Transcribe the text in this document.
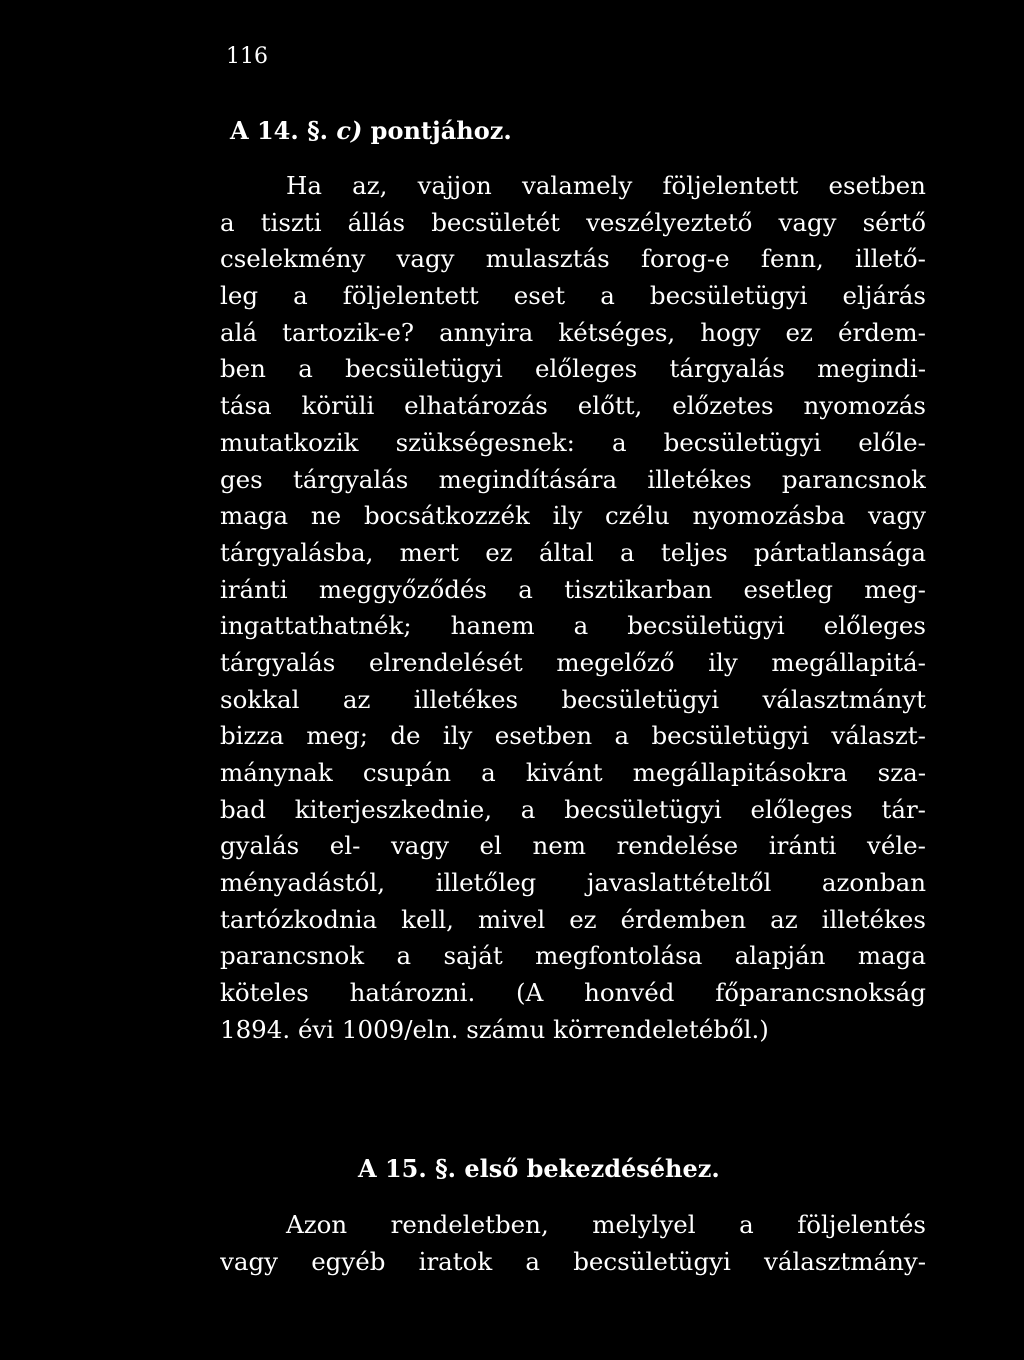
116
A 14. §. c) pontjához.
Ha az, vajjon valamely följelentett esetben
a tiszti állás becsületét veszélyeztető vagy sértő
cselekmény vagy mulasztás forog-e fenn, illető-
leg a följelentett eset a becsületügyi eljárás
alá tartozik-e? annyira kétséges, hogy ez érdem-
ben a becsületügyi előleges tárgyalás megindi-
tása körüli elhatározás előtt, előzetes nyomozás
mutatkozik szükségesnek: a becsületügyi előle-
ges tárgyalás megindítására illetékes parancsnok
maga ne bocsátkozzék ily czélu nyomozásba vagy
tárgyalásba, mert ez által a teljes pártatlansága
iránti meggyőződés a tisztikarban esetleg meg-
ingattathatnék; hanem a becsületügyi előleges
tárgyalás elrendelését megelőző ily megállapitá-
sokkal az illetékes becsületügyi választmányt
bizza meg; de ily esetben a becsületügyi választ-
mánynak csupán a kivánt megállapitásokra sza-
bad kiterjeszkednie, a becsületügyi előleges tár-
gyalás el- vagy el nem rendelése iránti véle-
ményadástól, illetőleg javaslattételtől azonban
tartózkodnia kell, mivel ez érdemben az illetékes
parancsnok a saját megfontolása alapján maga
köteles határozni. (A honvéd főparancsnokság
1894. évi 1009/eln. számu körrendeletéből.)
A 15. §. első bekezdéséhez.
Azon rendeletben, melylyel a följelentés
vagy egyéb iratok a becsületügyi választmány-
